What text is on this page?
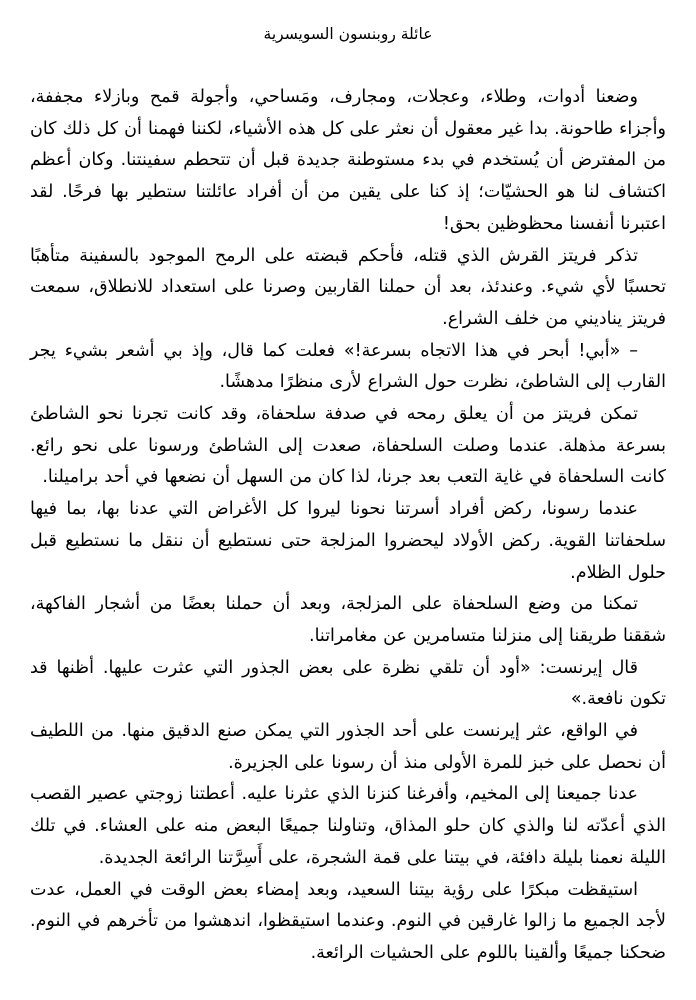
عائلة روبنسون السويسرية

وضعنا أدوات، وطلاء، وعجلات، ومجارف، ومَساحي، وأجولة قمح وبازلاء مجففة، وأجزاء طاحونة. بدا غير معقول أن نعثر على كل هذه الأشياء، لكننا فهمنا أن كل ذلك كان من المفترض أن يُستخدم في بدء مستوطنة جديدة قبل أن تتحطم سفينتنا. وكان أعظم اكتشاف لنا هو الحشيّات؛ إذ كنا على يقين من أن أفراد عائلتنا ستطير بها فرحًا. لقد اعتبرنا أنفسنا محظوظين بحق!

تذكر فريتز القرش الذي قتله، فأحكم قبضته على الرمح الموجود بالسفينة متأهبًا تحسبًا لأي شيء. وعندئذ، بعد أن حملنا القاربين وصرنا على استعداد للانطلاق، سمعت فريتز يناديني من خلف الشراع.

– «أبي! أبحر في هذا الاتجاه بسرعة!» فعلت كما قال، وإذ بي أشعر بشيء يجر القارب إلى الشاطئ، نظرت حول الشراع لأرى منظرًا مدهشًا.

تمكن فريتز من أن يعلق رمحه في صدفة سلحفاة، وقد كانت تجرنا نحو الشاطئ بسرعة مذهلة. عندما وصلت السلحفاة، صعدت إلى الشاطئ ورسونا على نحو رائع. كانت السلحفاة في غاية التعب بعد جرنا، لذا كان من السهل أن نضعها في أحد براميلنا.

عندما رسونا، ركض أفراد أسرتنا نحونا ليروا كل الأغراض التي عدنا بها، بما فيها سلحفاتنا القوية. ركض الأولاد ليحضروا المزلجة حتى نستطيع أن ننقل ما نستطيع قبل حلول الظلام.

تمكنا من وضع السلحفاة على المزلجة، وبعد أن حملنا بعضًا من أشجار الفاكهة، شققنا طريقنا إلى منزلنا متسامرين عن مغامراتنا.

قال إيرنست: «أود أن تلقي نظرة على بعض الجذور التي عثرت عليها. أظنها قد تكون نافعة.»

في الواقع، عثر إيرنست على أحد الجذور التي يمكن صنع الدقيق منها. من اللطيف أن نحصل على خبز للمرة الأولى منذ أن رسونا على الجزيرة.

عدنا جميعنا إلى المخيم، وأفرغنا كنزنا الذي عثرنا عليه. أعطتنا زوجتي عصير القصب الذي أعدّته لنا والذي كان حلو المذاق، وتناولنا جميعًا البعض منه على العشاء. في تلك الليلة نعمنا بليلة دافئة، في بيتنا على قمة الشجرة، على أَسِرَّتنا الرائعة الجديدة.

استيقظت مبكرًا على رؤية بيتنا السعيد، وبعد إمضاء بعض الوقت في العمل، عدت لأجد الجميع ما زالوا غارقين في النوم. وعندما استيقظوا، اندهشوا من تأخرهم في النوم. ضحكنا جميعًا وألقينا باللوم على الحشيات الرائعة.
